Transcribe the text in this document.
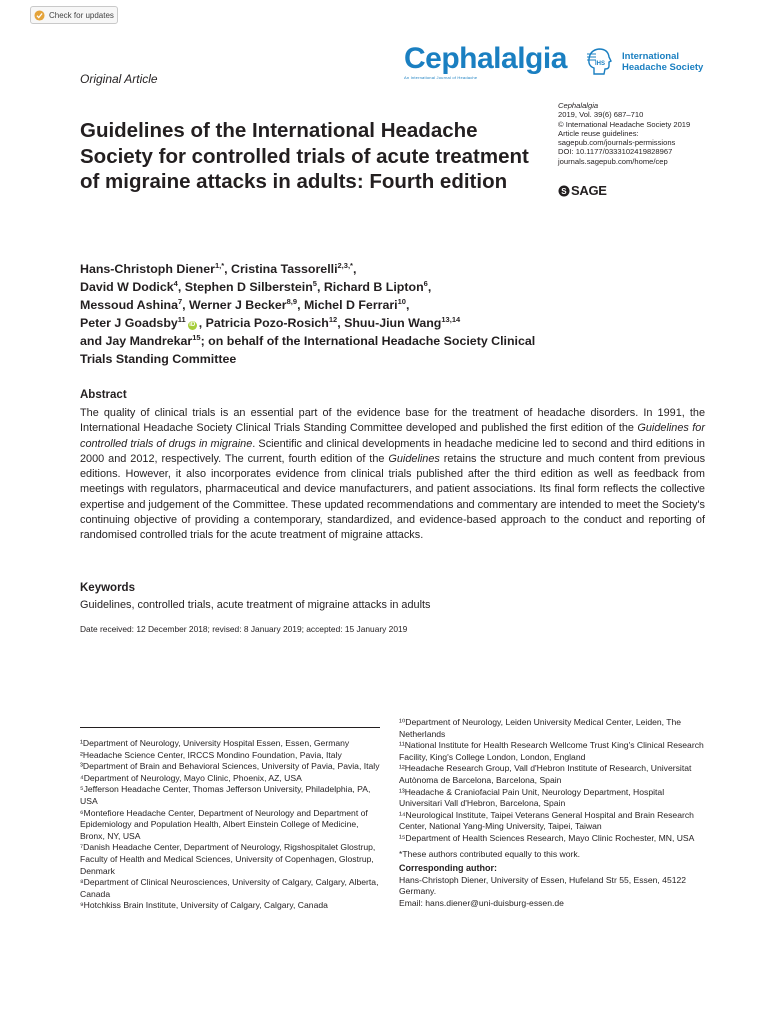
Check for updates
Original Article
Cephalalgia
An International Journal of Headache
IHS
International
Headache Society
Cephalalgia
2019, Vol. 39(6) 687–710
© International Headache Society 2019
Article reuse guidelines:
sagepub.com/journals-permissions
DOI: 10.1177/0333102419828967
journals.sagepub.com/home/cep
S SAGE
Guidelines of the International Headache Society for controlled trials of acute treatment of migraine attacks in adults: Fourth edition
Hans-Christoph Diener$^{1,*}$, Cristina Tassorelli$^{2,3,*}$,
David W Dodick$^4$, Stephen D Silberstein$^5$, Richard B Lipton$^6$,
Messoud Ashina$^7$, Werner J Becker$^{8,9}$, Michel D Ferrari$^{10}$,
Peter J Goadsby$^{11}$iD , Patricia Pozo-Rosich$^{12}$, Shuu-Jiun Wang$^{13,14}$
and Jay Mandrekar$^{15}$; on behalf of the International Headache Society Clinical Trials Standing Committee
Abstract
The quality of clinical trials is an essential part of the evidence base for the treatment of headache disorders. In 1991, the International Headache Society Clinical Trials Standing Committee developed and published the first edition of the Guidelines for controlled trials of drugs in migraine. Scientific and clinical developments in headache medicine led to second and third editions in 2000 and 2012, respectively. The current, fourth edition of the Guidelines retains the structure and much content from previous editions. However, it also incorporates evidence from clinical trials published after the third edition as well as feedback from meetings with regulators, pharmaceutical and device manufacturers, and patient associations. Its final form reflects the collective expertise and judgement of the Committee. These updated recommendations and commentary are intended to meet the Society's continuing objective of providing a contemporary, standardized, and evidence-based approach to the conduct and reporting of randomised controlled trials for the acute treatment of migraine attacks.
Keywords
Guidelines, controlled trials, acute treatment of migraine attacks in adults
Date received: 12 December 2018; revised: 8 January 2019; accepted: 15 January 2019

¹Department of Neurology, University Hospital Essen, Essen, Germany

²Headache Science Center, IRCCS Mondino Foundation, Pavia, Italy

³Department of Brain and Behavioral Sciences, University of Pavia, Pavia, Italy

⁴Department of Neurology, Mayo Clinic, Phoenix, AZ, USA

⁵Jefferson Headache Center, Thomas Jefferson University, Philadelphia, PA, USA

⁶Montefiore Headache Center, Department of Neurology and Department of Epidemiology and Population Health, Albert Einstein College of Medicine, Bronx, NY, USA

⁷Danish Headache Center, Department of Neurology, Rigshospitalet Glostrup, Faculty of Health and Medical Sciences, University of Copenhagen, Glostrup, Denmark

⁸Department of Clinical Neurosciences, University of Calgary, Calgary, Alberta, Canada

⁹Hotchkiss Brain Institute, University of Calgary, Calgary, Canada

¹⁰Department of Neurology, Leiden University Medical Center, Leiden, The Netherlands

¹¹National Institute for Health Research Wellcome Trust King's Clinical Research Facility, King's College London, London, England

¹²Headache Research Group, Vall d'Hebron Institute of Research, Universitat Autònoma de Barcelona, Barcelona, Spain

¹³Headache & Craniofacial Pain Unit, Neurology Department, Hospital Universitari Vall d'Hebron, Barcelona, Spain

¹⁴Neurological Institute, Taipei Veterans General Hospital and Brain Research Center, National Yang-Ming University, Taipei, Taiwan

¹⁵Department of Health Sciences Research, Mayo Clinic Rochester, MN, USA

*These authors contributed equally to this work.

Corresponding author:

Hans-Christoph Diener, University of Essen, Hufeland Str 55, Essen, 45122 Germany.

Email: hans.diener@uni-duisburg-essen.de
